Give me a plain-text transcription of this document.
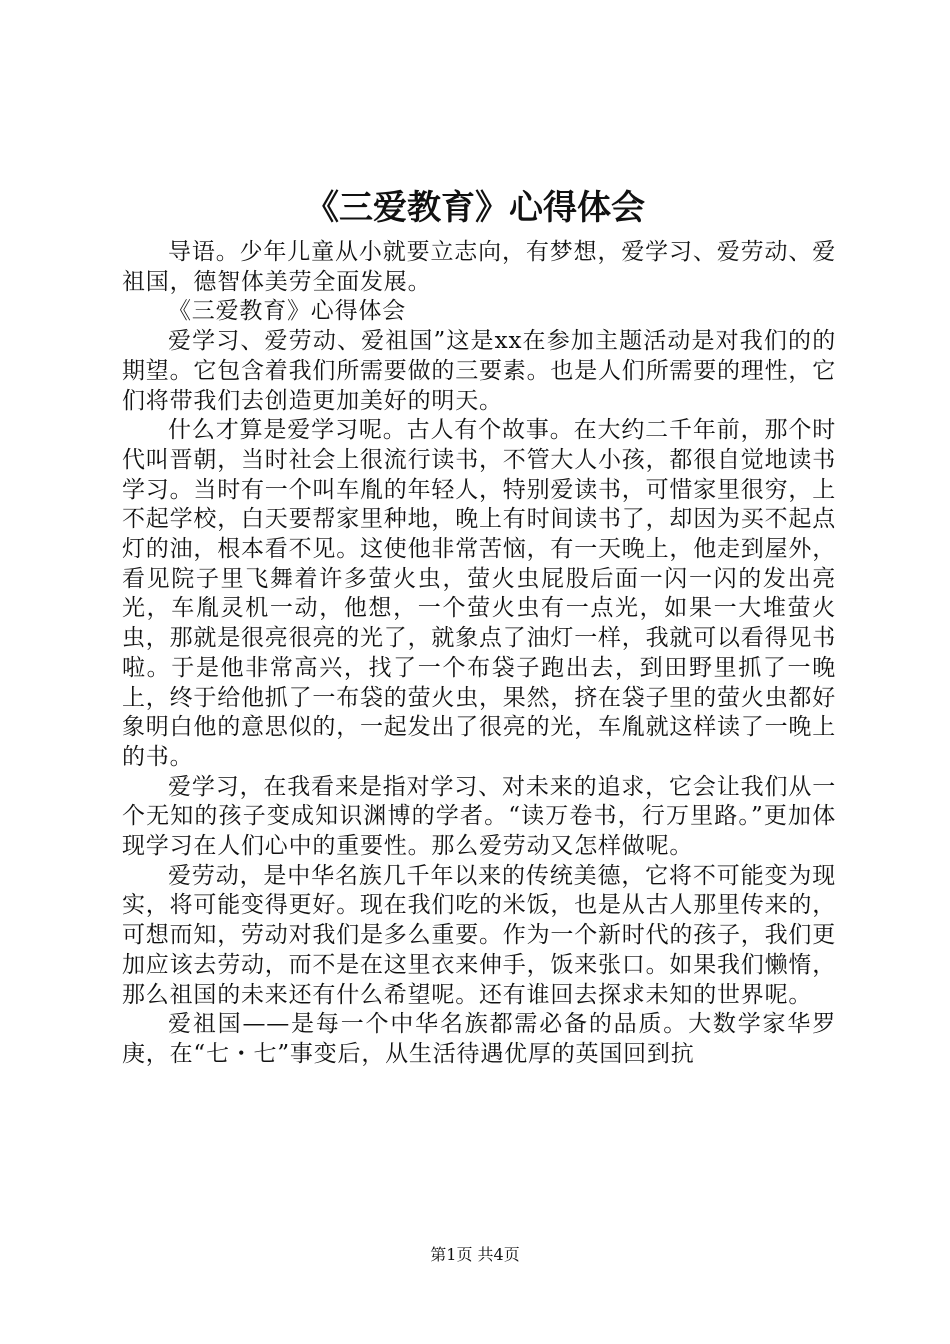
《三爱教育》心得体会

导语。少年儿童从小就要立志向，有梦想，爱学习、爱劳动、爱祖国，德智体美劳全面发展。

《三爱教育》心得体会

爱学习、爱劳动、爱祖国”这是xx在参加主题活动是对我们的的期望。它包含着我们所需要做的三要素。也是人们所需要的理性，它们将带我们去创造更加美好的明天。

什么才算是爱学习呢。古人有个故事。在大约二千年前，那个时代叫晋朝，当时社会上很流行读书，不管大人小孩，都很自觉地读书学习。当时有一个叫车胤的年轻人，特别爱读书，可惜家里很穷，上不起学校，白天要帮家里种地，晚上有时间读书了，却因为买不起点灯的油，根本看不见。这使他非常苦恼，有一天晚上，他走到屋外，看见院子里飞舞着许多萤火虫，萤火虫屁股后面一闪一闪的发出亮光，车胤灵机一动，他想，一个萤火虫有一点光，如果一大堆萤火虫，那就是很亮很亮的光了，就象点了油灯一样，我就可以看得见书啦。于是他非常高兴，找了一个布袋子跑出去，到田野里抓了一晚上，终于给他抓了一布袋的萤火虫，果然，挤在袋子里的萤火虫都好象明白他的意思似的，一起发出了很亮的光，车胤就这样读了一晚上的书。

爱学习，在我看来是指对学习、对未来的追求，它会让我们从一个无知的孩子变成知识渊博的学者。“读万卷书，行万里路。”更加体现学习在人们心中的重要性。那么爱劳动又怎样做呢。

爱劳动，是中华名族几千年以来的传统美德，它将不可能变为现实，将可能变得更好。现在我们吃的米饭，也是从古人那里传来的，可想而知，劳动对我们是多么重要。作为一个新时代的孩子，我们更加应该去劳动，而不是在这里衣来伸手，饭来张口。如果我们懒惰，那么祖国的未来还有什么希望呢。还有谁回去探求未知的世界呢。

爱祖国——是每一个中华名族都需必备的品质。大数学家华罗庚，在“七・七”事变后，从生活待遇优厚的英国回到抗

第1页 共4页
